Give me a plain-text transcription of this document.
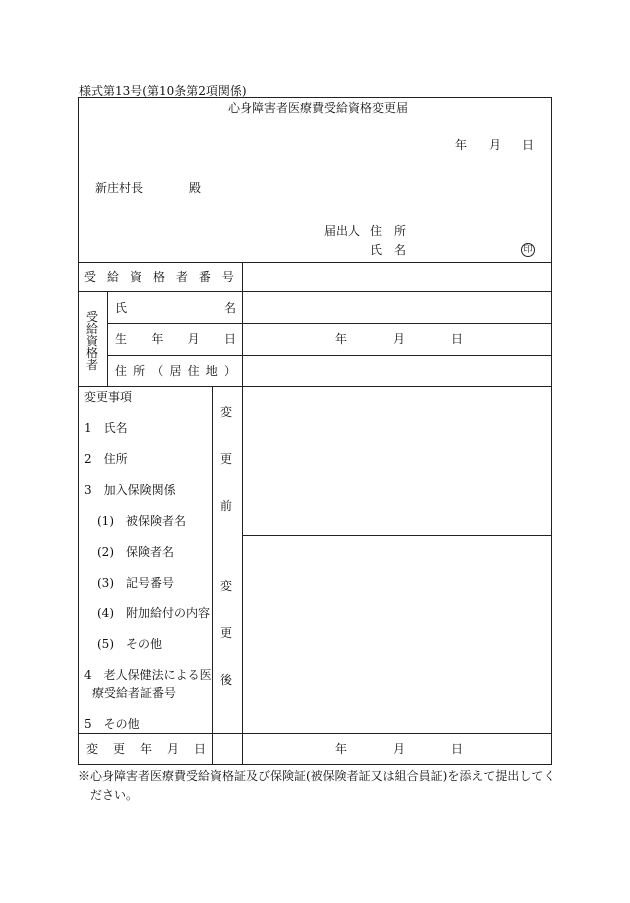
様式第13号(第10条第2項関係)
心身障害者医療費受給資格変更届
年 月 日
新庄村長	殿
届出人 住　所
氏　名	印
受 給 資 格 者 番 号
受
給
資
格
者
氏	名
生 年 月 日	年	月	日
住 所 （ 居 住 地 ）
変更事項
1　氏名
2　住所
3　加入保険関係
(1)　被保険者名
(2)　保険者名
(3)　記号番号
(4)　附加給付の内容
(5)　その他
4　老人保健法による医
療受給者証番号
5　その他
変
更
前
変
更
後
変 更 年 月 日	年	月	日
※心身障害者医療費受給資格証及び保険証(被保険者証又は組合員証)を添えて提出してく
ださい。
